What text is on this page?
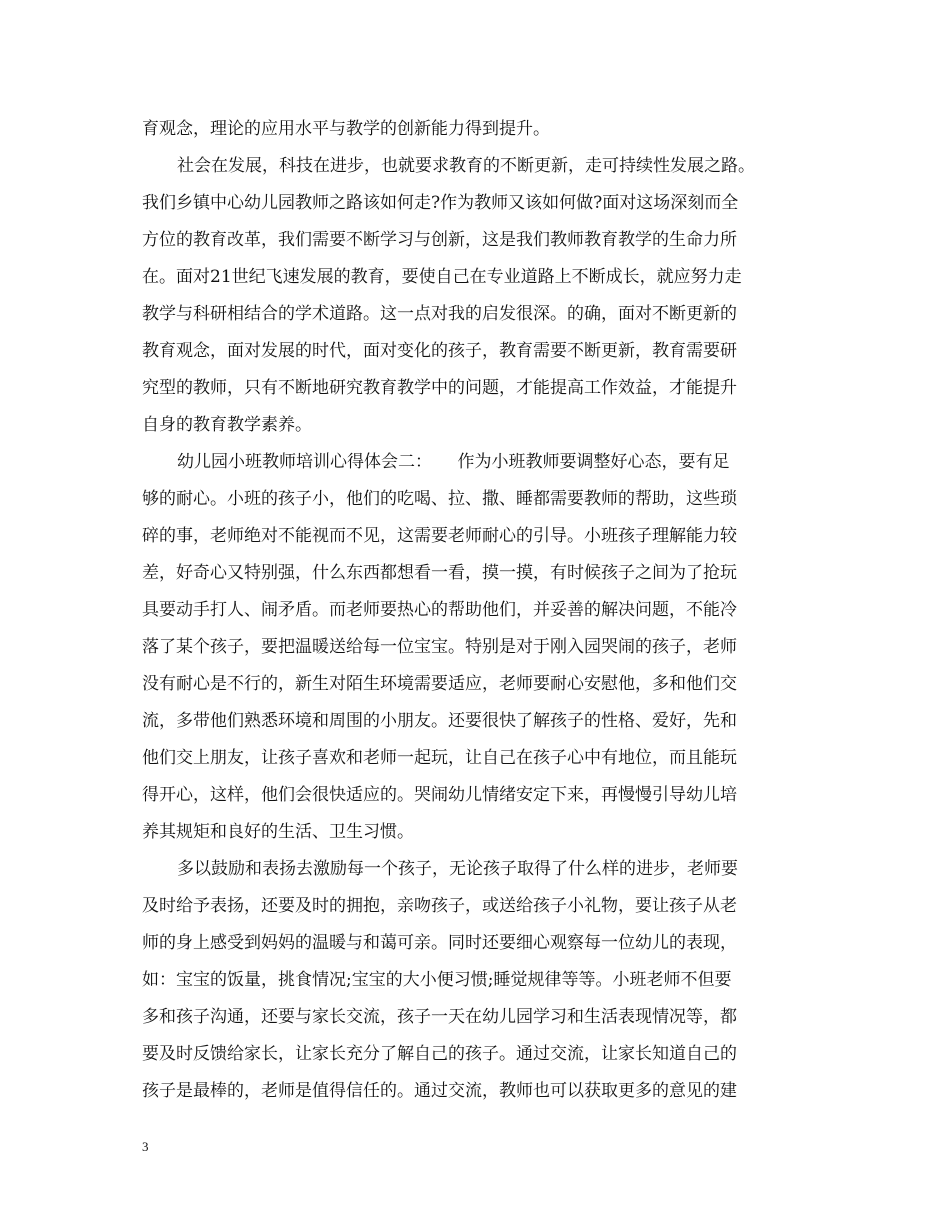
育观念，理论的应用水平与教学的创新能力得到提升。
社会在发展，科技在进步，也就要求教育的不断更新，走可持续性发展之路。
我们乡镇中心幼儿园教师之路该如何走?作为教师又该如何做?面对这场深刻而全
方位的教育改革，我们需要不断学习与创新，这是我们教师教育教学的生命力所
在。面对21世纪飞速发展的教育，要使自己在专业道路上不断成长，就应努力走
教学与科研相结合的学术道路。这一点对我的启发很深。的确，面对不断更新的
教育观念，面对发展的时代，面对变化的孩子，教育需要不断更新，教育需要研
究型的教师，只有不断地研究教育教学中的问题，才能提高工作效益，才能提升
自身的教育教学素养。
幼儿园小班教师培训心得体会二：　　作为小班教师要调整好心态，要有足
够的耐心。小班的孩子小，他们的吃喝、拉、撒、睡都需要教师的帮助，这些琐
碎的事，老师绝对不能视而不见，这需要老师耐心的引导。小班孩子理解能力较
差，好奇心又特别强，什么东西都想看一看，摸一摸，有时候孩子之间为了抢玩
具要动手打人、闹矛盾。而老师要热心的帮助他们，并妥善的解决问题，不能冷
落了某个孩子，要把温暖送给每一位宝宝。特别是对于刚入园哭闹的孩子，老师
没有耐心是不行的，新生对陌生环境需要适应，老师要耐心安慰他，多和他们交
流，多带他们熟悉环境和周围的小朋友。还要很快了解孩子的性格、爱好，先和
他们交上朋友，让孩子喜欢和老师一起玩，让自己在孩子心中有地位，而且能玩
得开心，这样，他们会很快适应的。哭闹幼儿情绪安定下来，再慢慢引导幼儿培
养其规矩和良好的生活、卫生习惯。
多以鼓励和表扬去激励每一个孩子，无论孩子取得了什么样的进步，老师要
及时给予表扬，还要及时的拥抱，亲吻孩子，或送给孩子小礼物，要让孩子从老
师的身上感受到妈妈的温暖与和蔼可亲。同时还要细心观察每一位幼儿的表现，
如：宝宝的饭量，挑食情况;宝宝的大小便习惯;睡觉规律等等。小班老师不但要
多和孩子沟通，还要与家长交流，孩子一天在幼儿园学习和生活表现情况等，都
要及时反馈给家长，让家长充分了解自己的孩子。通过交流，让家长知道自己的
孩子是最棒的，老师是值得信任的。通过交流，教师也可以获取更多的意见的建
3
